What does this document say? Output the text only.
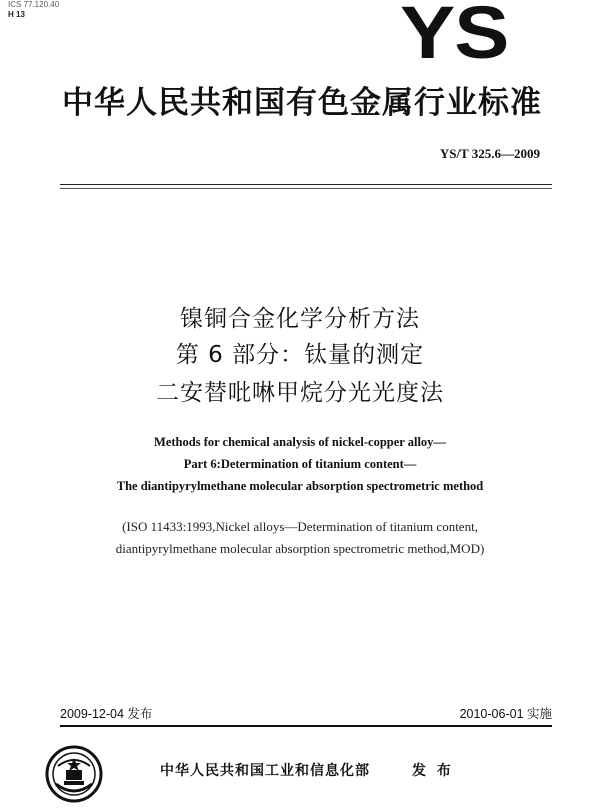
ICS 77.120.40
H 13	YS
中华人民共和国有色金属行业标准
YS/T 325.6—2009
镍铜合金化学分析方法
第 6 部分：钛量的测定
二安替吡啉甲烷分光光度法
Methods for chemical analysis of nickel-copper alloy—
Part 6:Determination of titanium content—
The diantipyrylmethane molecular absorption spectrometric method
(ISO 11433:1993,Nickel alloys—Determination of titanium content,
diantipyrylmethane molecular absorption spectrometric method,MOD)
2009-12-04 发布	2010-06-01 实施
中华人民共和国工业和信息化部	发 布
